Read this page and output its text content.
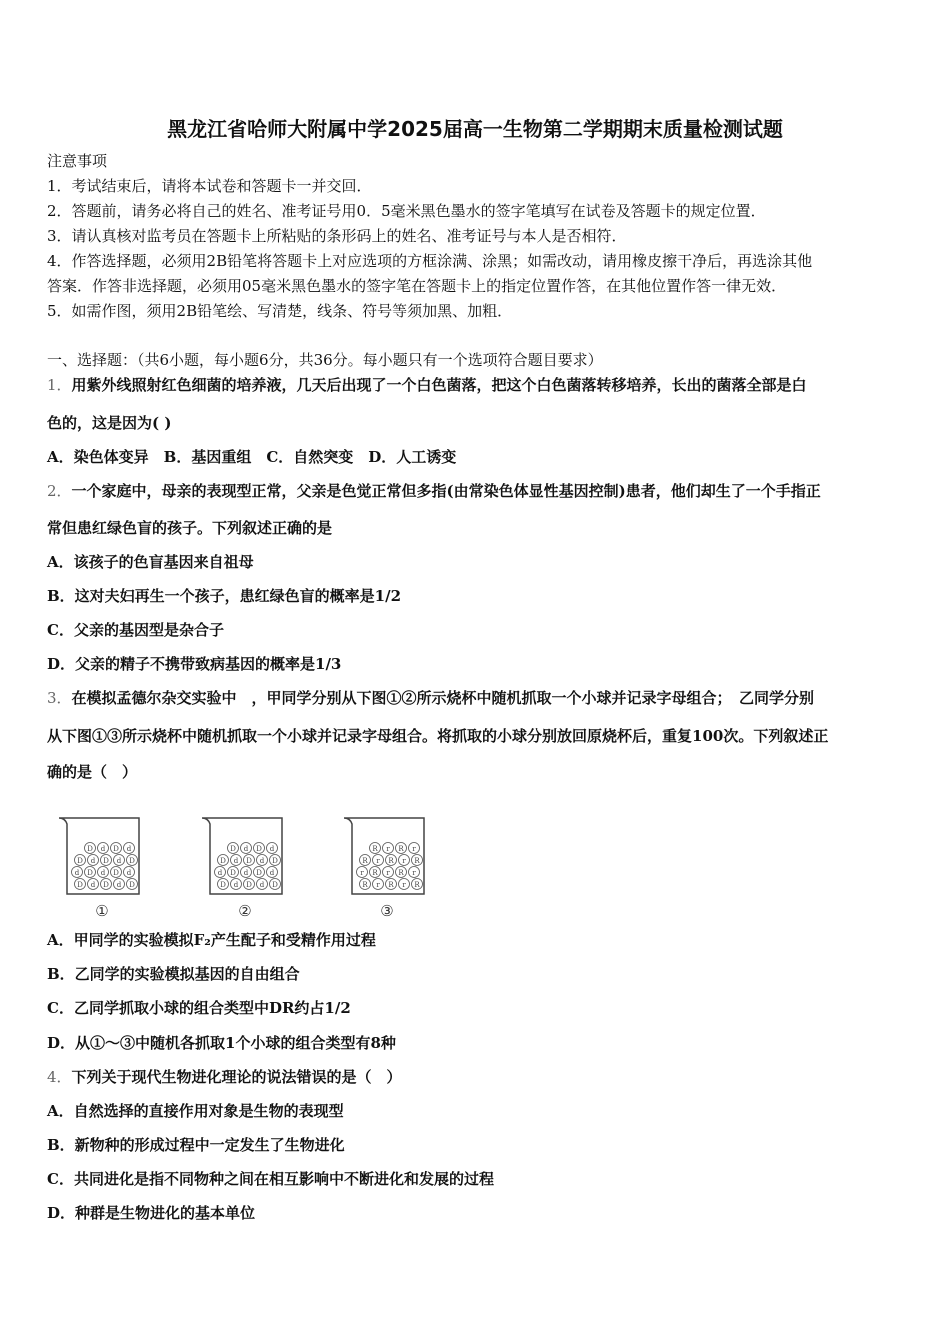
黑龙江省哈师大附属中学2025届高一生物第二学期期末质量检测试题
注意事项
1．考试结束后，请将本试卷和答题卡一并交回．
2．答题前，请务必将自己的姓名、准考证号用0．5毫米黑色墨水的签字笔填写在试卷及答题卡的规定位置．
3．请认真核对监考员在答题卡上所粘贴的条形码上的姓名、准考证号与本人是否相符．
4．作答选择题，必须用2B铅笔将答题卡上对应选项的方框涂满、涂黑；如需改动，请用橡皮擦干净后，再选涂其他
答案．作答非选择题，必须用05毫米黑色墨水的签字笔在答题卡上的指定位置作答，在其他位置作答一律无效．
5．如需作图，须用2B铅笔绘、写清楚，线条、符号等须加黑、加粗．
一、选择题：（共6小题，每小题6分，共36分。每小题只有一个选项符合题目要求）
1．用紫外线照射红色细菌的培养液，几天后出现了一个白色菌落，把这个白色菌落转移培养，长出的菌落全部是白
色的，这是因为( )
A．染色体变异　B．基因重组　C．自然突变　D．人工诱变
2．一个家庭中，母亲的表现型正常，父亲是色觉正常但多指(由常染色体显性基因控制)患者，他们却生了一个手指正
常但患红绿色盲的孩子。下列叙述正确的是
A．该孩子的色盲基因来自祖母
B．这对夫妇再生一个孩子，患红绿色盲的概率是1/2
C．父亲的基因型是杂合子
D．父亲的精子不携带致病基因的概率是1/3
3．在模拟孟德尔杂交实验中　，甲同学分别从下图①②所示烧杯中随机抓取一个小球并记录字母组合；　乙同学分别
从下图①③所示烧杯中随机抓取一个小球并记录字母组合。将抓取的小球分别放回原烧杯后，重复100次。下列叙述正
确的是（　）
D d D d
D d D d D
d D d D d
D d D d D
①
D d D d
D d D d D
d D d D d
D d D d D
②
R r R r
R r R r R
r R r R r
R r R r R
③
A．甲同学的实验模拟F₂产生配子和受精作用过程
B．乙同学的实验模拟基因的自由组合
C．乙同学抓取小球的组合类型中DR约占1/2
D．从①～③中随机各抓取1个小球的组合类型有8种
4．下列关于现代生物进化理论的说法错误的是（　）
A．自然选择的直接作用对象是生物的表现型
B．新物种的形成过程中一定发生了生物进化
C．共同进化是指不同物种之间在相互影响中不断进化和发展的过程
D．种群是生物进化的基本单位
